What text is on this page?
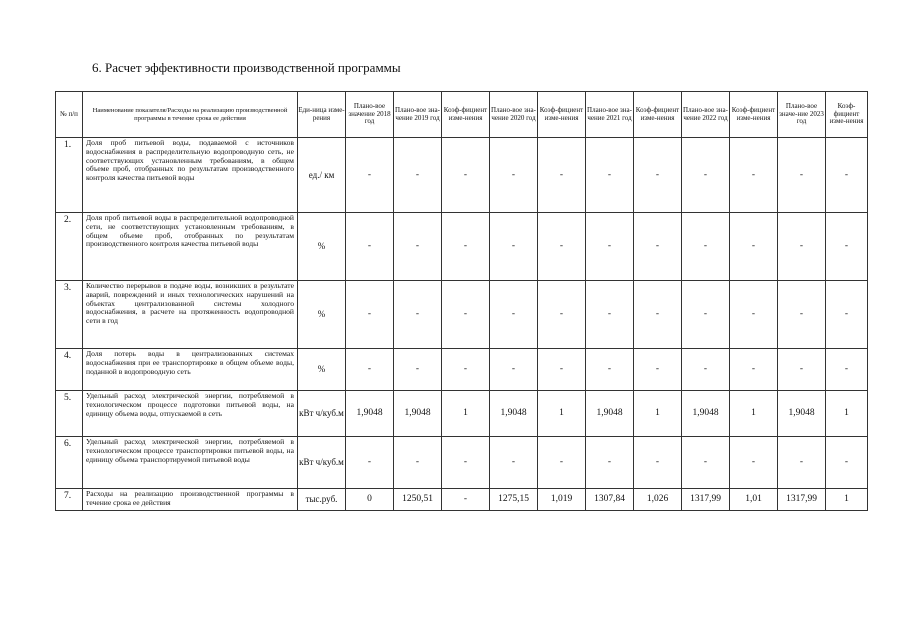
6. Расчет эффективности производственной программы
№ п/п	Наименование показателя/Расходы на реализацию производственной программы в течение срока ее действия	Еди-ница изме-рения	Плано-вое значение 2018 год	Плано-вое зна-чение 2019 год	Коэф-фициент изме-нения	Плано-вое зна-чение 2020 год	Коэф-фициент изме-нения	Плано-вое зна-чение 2021 год	Коэф-фициент изме-нения	Плано-вое зна-чение 2022 год	Коэф-фициент изме-нения	Плано-вое значе-ние 2023 год	Коэф-фициент изме-нения
1.	Доля проб питьевой воды, подаваемой с источников водоснабжения в распределительную водопроводную сеть, не соответствующих установленным требованиям, в общем объеме проб, отобранных по результатам производственного контроля качества питьевой воды	ед./ км	-	-	-	-	-	-	-	-	-	-	-
2.	Доля проб питьевой воды в распределительной водопроводной сети, не соответствующих установленным требованиям, в общем объеме проб, отобранных по результатам производственного контроля качества питьевой воды	%	-	-	-	-	-	-	-	-	-	-	-
3.	Количество перерывов в подаче воды, возникших в результате аварий, повреждений и иных технологических нарушений на объектах централизованной системы холодного водоснабжения, в расчете на протяженность водопроводной сети в год	%	-	-	-	-	-	-	-	-	-	-	-
4.	Доля потерь воды в централизованных системах водоснабжения при ее транспортировке в общем объеме воды, поданной в водопроводную сеть	%	-	-	-	-	-	-	-	-	-	-	-
5.	Удельный расход электрической энергии, потребляемой в технологическом процессе подготовки питьевой воды, на единицу объема воды, отпускаемой в сеть	кВт ч/куб.м	1,9048	1,9048	1	1,9048	1	1,9048	1	1,9048	1	1,9048	1
6.	Удельный расход электрической энергии, потребляемой в технологическом процессе транспортировки питьевой воды, на единицу объема транспортируемой питьевой воды	кВт ч/куб.м	-	-	-	-	-	-	-	-	-	-	-
7.	Расходы на реализацию производственной программы в течение срока ее действия	тыс.руб.	0	1250,51	-	1275,15	1,019	1307,84	1,026	1317,99	1,01	1317,99	1
